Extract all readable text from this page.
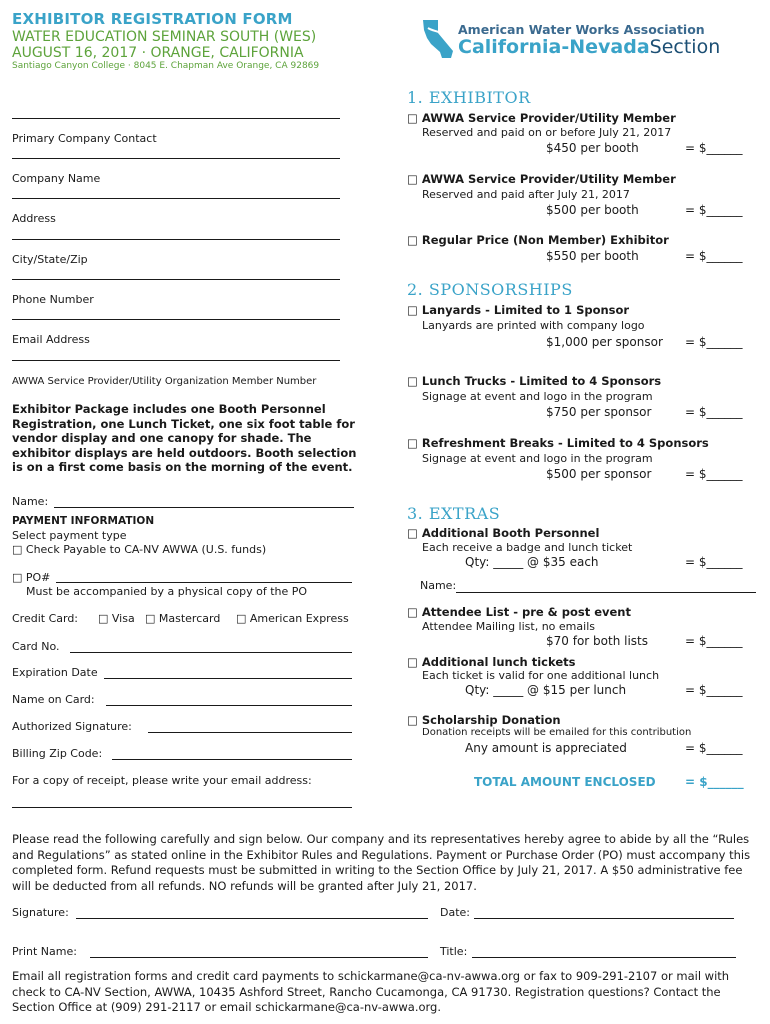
EXHIBITOR REGISTRATION FORM
WATER EDUCATION SEMINAR SOUTH (WES)
AUGUST 16, 2017 · ORANGE, CALIFORNIA
Santiago Canyon College · 8045 E. Chapman Ave Orange, CA 92869
American Water Works Association
California-NevadaSection
Primary Company Contact
Company Name
Address
City/State/Zip
Phone Number
Email Address
AWWA Service Provider/Utility Organization Member Number
Exhibitor Package includes one Booth Personnel Registration, one Lunch Ticket, one six foot table for vendor display and one canopy for shade. The exhibitor displays are held outdoors. Booth selection is on a first come basis on the morning of the event.
Name:
PAYMENT INFORMATION
Select payment type
□ Check Payable to CA-NV AWWA (U.S. funds)
□ PO#
Must be accompanied by a physical copy of the PO
Credit Card: □ Visa □ Mastercard □ American Express
Card No.
Expiration Date
Name on Card:
Authorized Signature:
Billing Zip Code:
For a copy of receipt, please write your email address:
1. EXHIBITOR
□ AWWA Service Provider/Utility Member
Reserved and paid on or before July 21, 2017
$450 per booth	= $______
□ AWWA Service Provider/Utility Member
Reserved and paid after July 21, 2017
$500 per booth	= $______
□ Regular Price (Non Member) Exhibitor
$550 per booth	= $______
2. SPONSORSHIPS
□ Lanyards - Limited to 1 Sponsor
Lanyards are printed with company logo
$1,000 per sponsor = $______
□ Lunch Trucks - Limited to 4 Sponsors
Signage at event and logo in the program
$750 per sponsor	= $______
□ Refreshment Breaks - Limited to 4 Sponsors
Signage at event and logo in the program
$500 per sponsor	= $______
3. EXTRAS
□ Additional Booth Personnel
Each receive a badge and lunch ticket
Qty: _____ @ $35 each	= $______
Name:
□ Attendee List - pre & post event
Attendee Mailing list, no emails
$70 for both lists	= $______
□ Additional lunch tickets
Each ticket is valid for one additional lunch
Qty: _____ @ $15 per lunch	= $______
□ Scholarship Donation
Donation receipts will be emailed for this contribution
Any amount is appreciated	= $______
TOTAL AMOUNT ENCLOSED = $______
Please read the following carefully and sign below. Our company and its representatives hereby agree to abide by all the “Rules and Regulations” as stated online in the Exhibitor Rules and Regulations. Payment or Purchase Order (PO) must accompany this completed form. Refund requests must be submitted in writing to the Section Office by July 21, 2017. A $50 administrative fee will be deducted from all refunds. NO refunds will be granted after July 21, 2017.
Signature:	Date:
Print Name:	Title:
Email all registration forms and credit card payments to schickarmane@ca-nv-awwa.org or fax to 909-291-2107 or mail with check to CA-NV Section, AWWA, 10435 Ashford Street, Rancho Cucamonga, CA 91730. Registration questions? Contact the Section Office at (909) 291-2117 or email schickarmane@ca-nv-awwa.org.
